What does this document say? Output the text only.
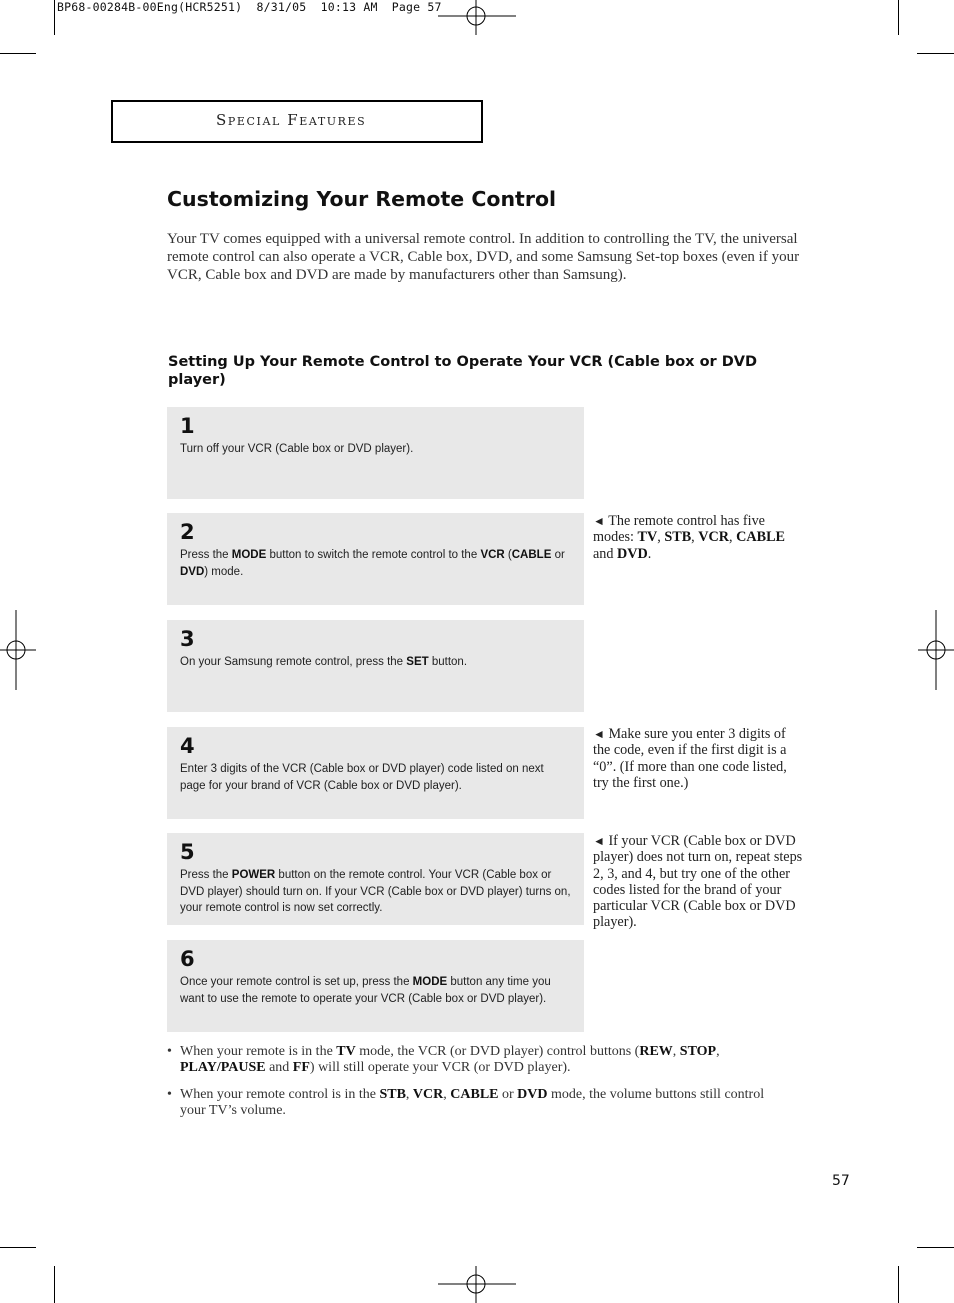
BP68-00284B-00Eng(HCR5251)  8/31/05  10:13 AM  Page 57
Special Features
Customizing Your Remote Control
Your TV comes equipped with a universal remote control. In addition to controlling the TV, the universal remote control can also operate a VCR, Cable box, DVD, and some Samsung Set-top boxes (even if your VCR, Cable box and DVD are made by manufacturers other than Samsung).
Setting Up Your Remote Control to Operate Your VCR (Cable box or DVD player)
1
Turn off your VCR (Cable box or DVD player).
2
Press the MODE button to switch the remote control to the VCR (CABLE or DVD) mode.
3
On your Samsung remote control, press the SET button.
4
Enter 3 digits of the VCR (Cable box or DVD player) code listed on next page for your brand of VCR (Cable box or DVD player).
5
Press the POWER button on the remote control. Your VCR (Cable box or DVD player) should turn on. If your VCR (Cable box or DVD player) turns on, your remote control is now set correctly.
6
Once your remote control is set up, press the MODE button any time you want to use the remote to operate your VCR (Cable box or DVD player).
◄ The remote control has five modes: TV, STB, VCR, CABLE and DVD.
◄ Make sure you enter 3 digits of the code, even if the first digit is a “0”. (If more than one code listed, try the first one.)
◄ If your VCR (Cable box or DVD player) does not turn on, repeat steps 2, 3, and 4, but try one of the other codes listed for the brand of your particular VCR (Cable box or DVD player).
• When your remote is in the TV mode, the VCR (or DVD player) control buttons (REW, STOP, PLAY/PAUSE and FF) will still operate your VCR (or DVD player).
• When your remote control is in the STB, VCR, CABLE or DVD mode, the volume buttons still control your TV’s volume.
57
